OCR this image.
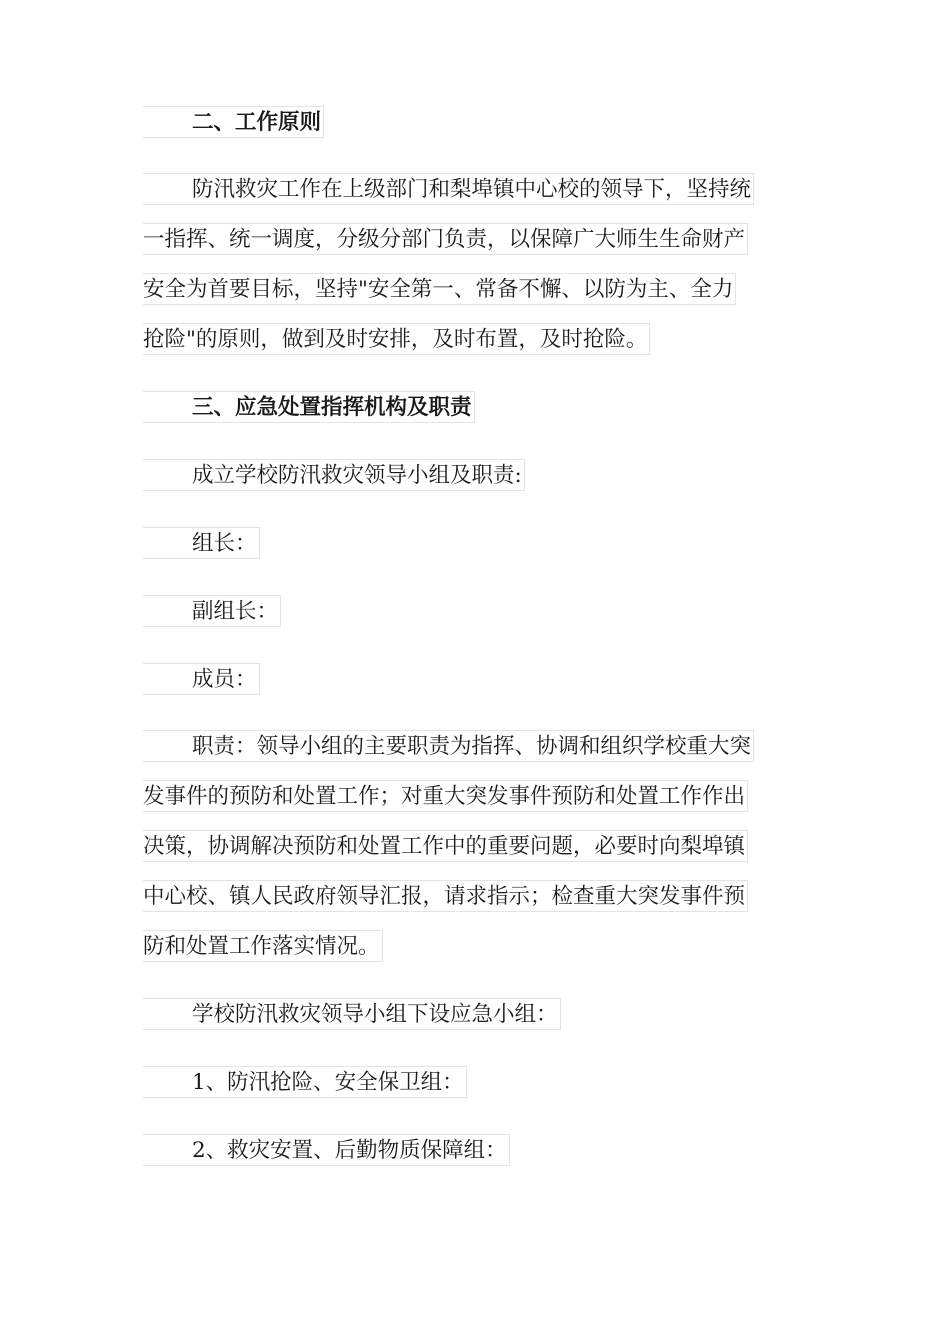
二、工作原则
防汛救灾工作在上级部门和梨埠镇中心校的领导下，坚持统
一指挥、统一调度，分级分部门负责，以保障广大师生生命财产
安全为首要目标，坚持"安全第一、常备不懈、以防为主、全力
抢险"的原则，做到及时安排，及时布置，及时抢险。
三、应急处置指挥机构及职责
成立学校防汛救灾领导小组及职责:
组长：
副组长：
成员：
职责：领导小组的主要职责为指挥、协调和组织学校重大突
发事件的预防和处置工作；对重大突发事件预防和处置工作作出
决策，协调解决预防和处置工作中的重要问题，必要时向梨埠镇
中心校、镇人民政府领导汇报，请求指示；检查重大突发事件预
防和处置工作落实情况。
学校防汛救灾领导小组下设应急小组：
1、防汛抢险、安全保卫组：
2、救灾安置、后勤物质保障组：
